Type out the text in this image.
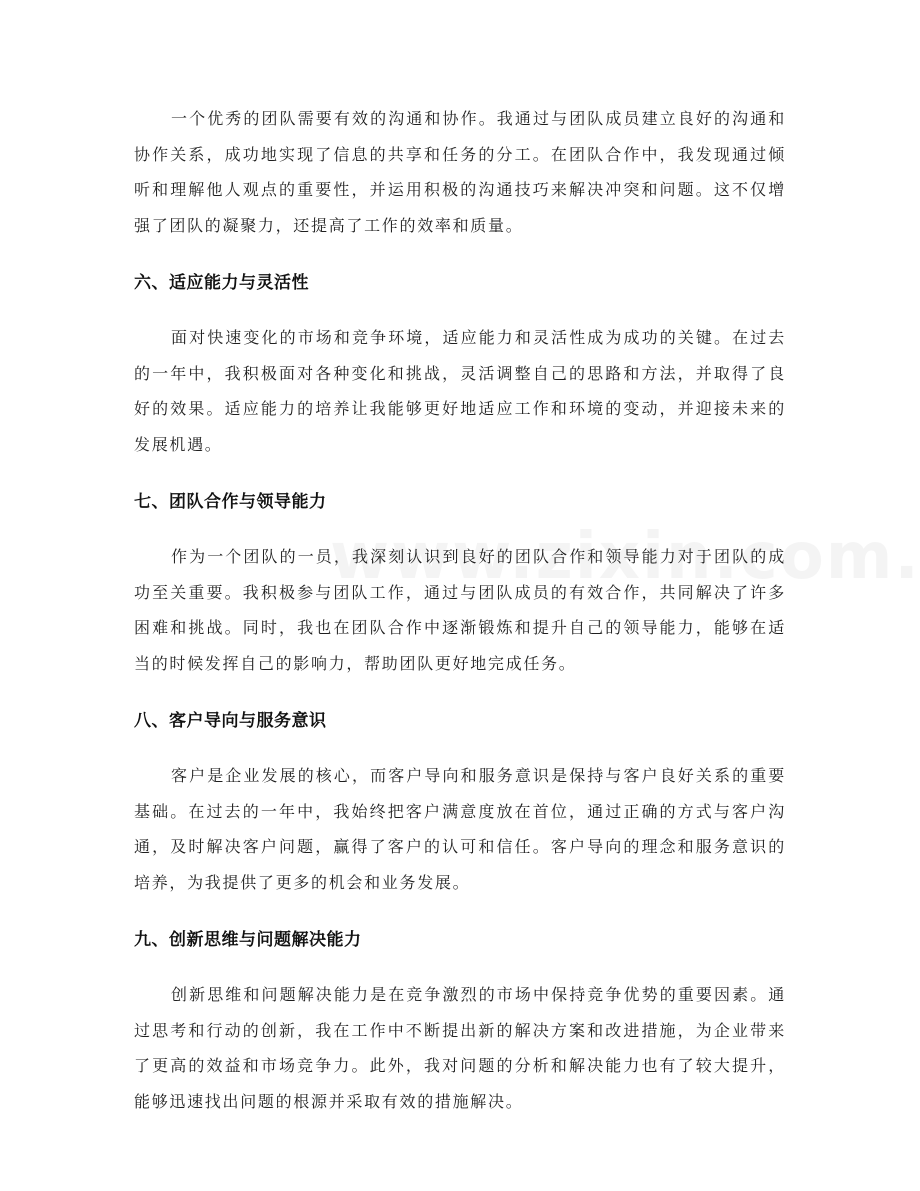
一个优秀的团队需要有效的沟通和协作。我通过与团队成员建立良好的沟通和协作关系，成功地实现了信息的共享和任务的分工。在团队合作中，我发现通过倾听和理解他人观点的重要性，并运用积极的沟通技巧来解决冲突和问题。这不仅增强了团队的凝聚力，还提高了工作的效率和质量。

六、适应能力与灵活性

面对快速变化的市场和竞争环境，适应能力和灵活性成为成功的关键。在过去的一年中，我积极面对各种变化和挑战，灵活调整自己的思路和方法，并取得了良好的效果。适应能力的培养让我能够更好地适应工作和环境的变动，并迎接未来的发展机遇。

七、团队合作与领导能力

作为一个团队的一员，我深刻认识到良好的团队合作和领导能力对于团队的成功至关重要。我积极参与团队工作，通过与团队成员的有效合作，共同解决了许多困难和挑战。同时，我也在团队合作中逐渐锻炼和提升自己的领导能力，能够在适当的时候发挥自己的影响力，帮助团队更好地完成任务。

八、客户导向与服务意识

客户是企业发展的核心，而客户导向和服务意识是保持与客户良好关系的重要基础。在过去的一年中，我始终把客户满意度放在首位，通过正确的方式与客户沟通，及时解决客户问题，赢得了客户的认可和信任。客户导向的理念和服务意识的培养，为我提供了更多的机会和业务发展。

九、创新思维与问题解决能力

创新思维和问题解决能力是在竞争激烈的市场中保持竞争优势的重要因素。通过思考和行动的创新，我在工作中不断提出新的解决方案和改进措施，为企业带来了更高的效益和市场竞争力。此外，我对问题的分析和解决能力也有了较大提升，能够迅速找出问题的根源并采取有效的措施解决。
